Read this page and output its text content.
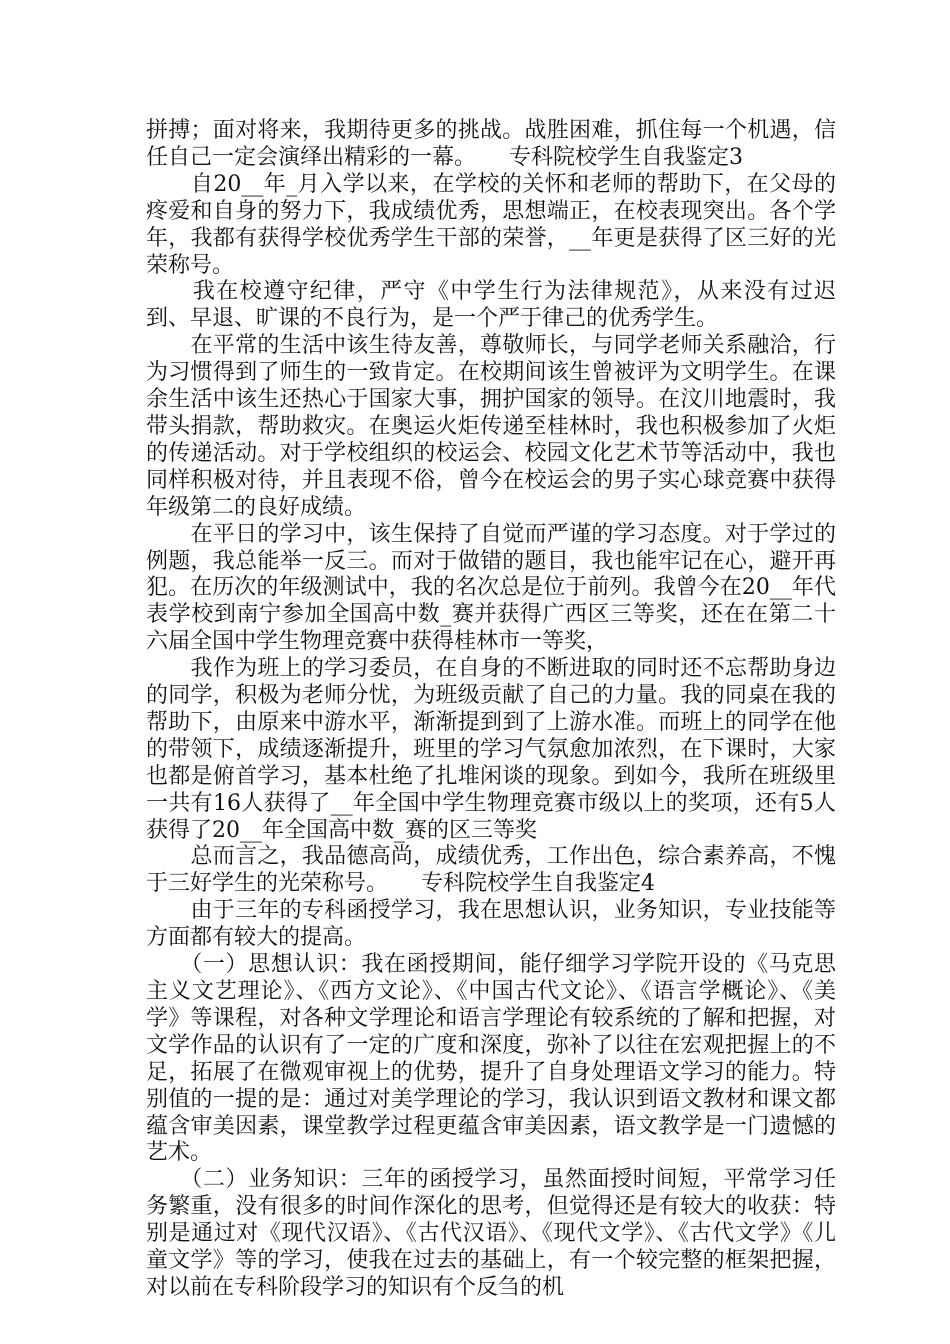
拼搏；面对将来，我期待更多的挑战。战胜困难，抓住每一个机遇，信任自己一定会演绎出精彩的一幕。　　专科院校学生自我鉴定3

　　自20__年_月入学以来，在学校的关怀和老师的帮助下，在父母的疼爱和自身的努力下，我成绩优秀，思想端正，在校表现突出。各个学年，我都有获得学校优秀学生干部的荣誉，__年更是获得了区三好的光荣称号。

　　我在校遵守纪律，严守《中学生行为法律规范》，从来没有过迟到、早退、旷课的不良行为，是一个严于律己的优秀学生。

　　在平常的生活中该生待友善，尊敬师长，与同学老师关系融洽，行为习惯得到了师生的一致肯定。在校期间该生曾被评为文明学生。在课余生活中该生还热心于国家大事，拥护国家的领导。在汶川地震时，我带头捐款，帮助救灾。在奥运火炬传递至桂林时，我也积极参加了火炬的传递活动。对于学校组织的校运会、校园文化艺术节等活动中，我也同样积极对待，并且表现不俗，曾今在校运会的男子实心球竞赛中获得年级第二的良好成绩。

　　在平日的学习中，该生保持了自觉而严谨的学习态度。对于学过的例题，我总能举一反三。而对于做错的题目，我也能牢记在心，避开再犯。在历次的年级测试中，我的名次总是位于前列。我曾今在20__年代表学校到南宁参加全国高中数_赛并获得广西区三等奖，还在在第二十六届全国中学生物理竞赛中获得桂林市一等奖，

　　我作为班上的学习委员，在自身的不断进取的同时还不忘帮助身边的同学，积极为老师分忧，为班级贡献了自己的力量。我的同桌在我的帮助下，由原来中游水平，渐渐提到到了上游水准。而班上的同学在他的带领下，成绩逐渐提升，班里的学习气氛愈加浓烈，在下课时，大家也都是俯首学习，基本杜绝了扎堆闲谈的现象。到如今，我所在班级里一共有16人获得了__年全国中学生物理竞赛市级以上的奖项，还有5人获得了20__年全国高中数_赛的区三等奖

　　总而言之，我品德高尚，成绩优秀，工作出色，综合素养高，不愧于三好学生的光荣称号。　　专科院校学生自我鉴定4

　　由于三年的专科函授学习，我在思想认识，业务知识，专业技能等方面都有较大的提高。

　　（一）思想认识：我在函授期间，能仔细学习学院开设的《马克思主义文艺理论》、《西方文论》、《中国古代文论》、《语言学概论》、《美学》等课程，对各种文学理论和语言学理论有较系统的了解和把握，对文学作品的认识有了一定的广度和深度，弥补了以往在宏观把握上的不足，拓展了在微观审视上的优势，提升了自身处理语文学习的能力。特别值的一提的是：通过对美学理论的学习，我认识到语文教材和课文都蕴含审美因素，课堂教学过程更蕴含审美因素，语文教学是一门遗憾的艺术。

　　（二）业务知识：三年的函授学习，虽然面授时间短，平常学习任务繁重，没有很多的时间作深化的思考，但觉得还是有较大的收获：特别是通过对《现代汉语》、《古代汉语》、《现代文学》、《古代文学》《儿童文学》等的学习，使我在过去的基础上，有一个较完整的框架把握，对以前在专科阶段学习的知识有个反刍的机
